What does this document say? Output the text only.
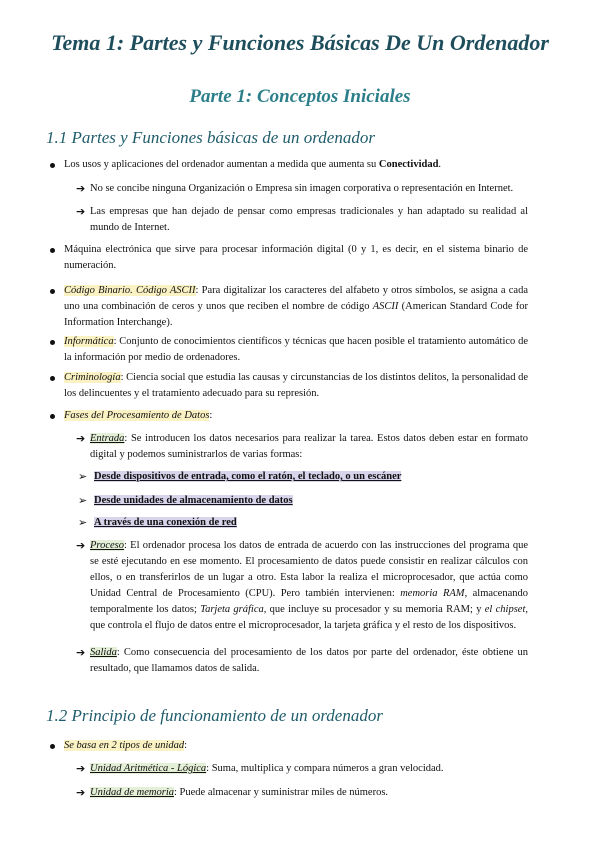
Tema 1: Partes y Funciones Básicas De Un Ordenador
Parte 1: Conceptos Iniciales
1.1 Partes y Funciones básicas de un ordenador
Los usos y aplicaciones del ordenador aumentan a medida que aumenta su Conectividad.
➔ No se concibe ninguna Organización o Empresa sin imagen corporativa o representación en Internet.
➔ Las empresas que han dejado de pensar como empresas tradicionales y han adaptado su realidad al mundo de Internet.
Máquina electrónica que sirve para procesar información digital (0 y 1, es decir, en el sistema binario de numeración.
Código Binario. Código ASCII: Para digitalizar los caracteres del alfabeto y otros símbolos, se asigna a cada uno una combinación de ceros y unos que reciben el nombre de código ASCII (American Standard Code for Information Interchange).
Informática: Conjunto de conocimientos científicos y técnicas que hacen posible el tratamiento automático de la información por medio de ordenadores.
Criminología: Ciencia social que estudia las causas y circunstancias de los distintos delitos, la personalidad de los delincuentes y el tratamiento adecuado para su represión.
Fases del Procesamiento de Datos:
➔ Entrada: Se introducen los datos necesarios para realizar la tarea. Estos datos deben estar en formato digital y podemos suministrarlos de varias formas:
➢ Desde dispositivos de entrada, como el ratón, el teclado, o un escáner
➢ Desde unidades de almacenamiento de datos
➢ A través de una conexión de red
➔ Proceso: El ordenador procesa los datos de entrada de acuerdo con las instrucciones del programa que se esté ejecutando en ese momento. El procesamiento de datos puede consistir en realizar cálculos con ellos, o en transferirlos de un lugar a otro. Esta labor la realiza el microprocesador, que actúa como Unidad Central de Procesamiento (CPU). Pero también intervienen: memoria RAM, almacenando temporalmente los datos; Tarjeta gráfica, que incluye su procesador y su memoria RAM; y el chipset, que controla el flujo de datos entre el microprocesador, la tarjeta gráfica y el resto de los dispositivos.
➔ Salida: Como consecuencia del procesamiento de los datos por parte del ordenador, éste obtiene un resultado, que llamamos datos de salida.
1.2 Principio de funcionamiento de un ordenador
Se basa en 2 tipos de unidad:
➔ Unidad Aritmética - Lógica: Suma, multiplica y compara números a gran velocidad.
➔ Unidad de memoria: Puede almacenar y suministrar miles de números.
